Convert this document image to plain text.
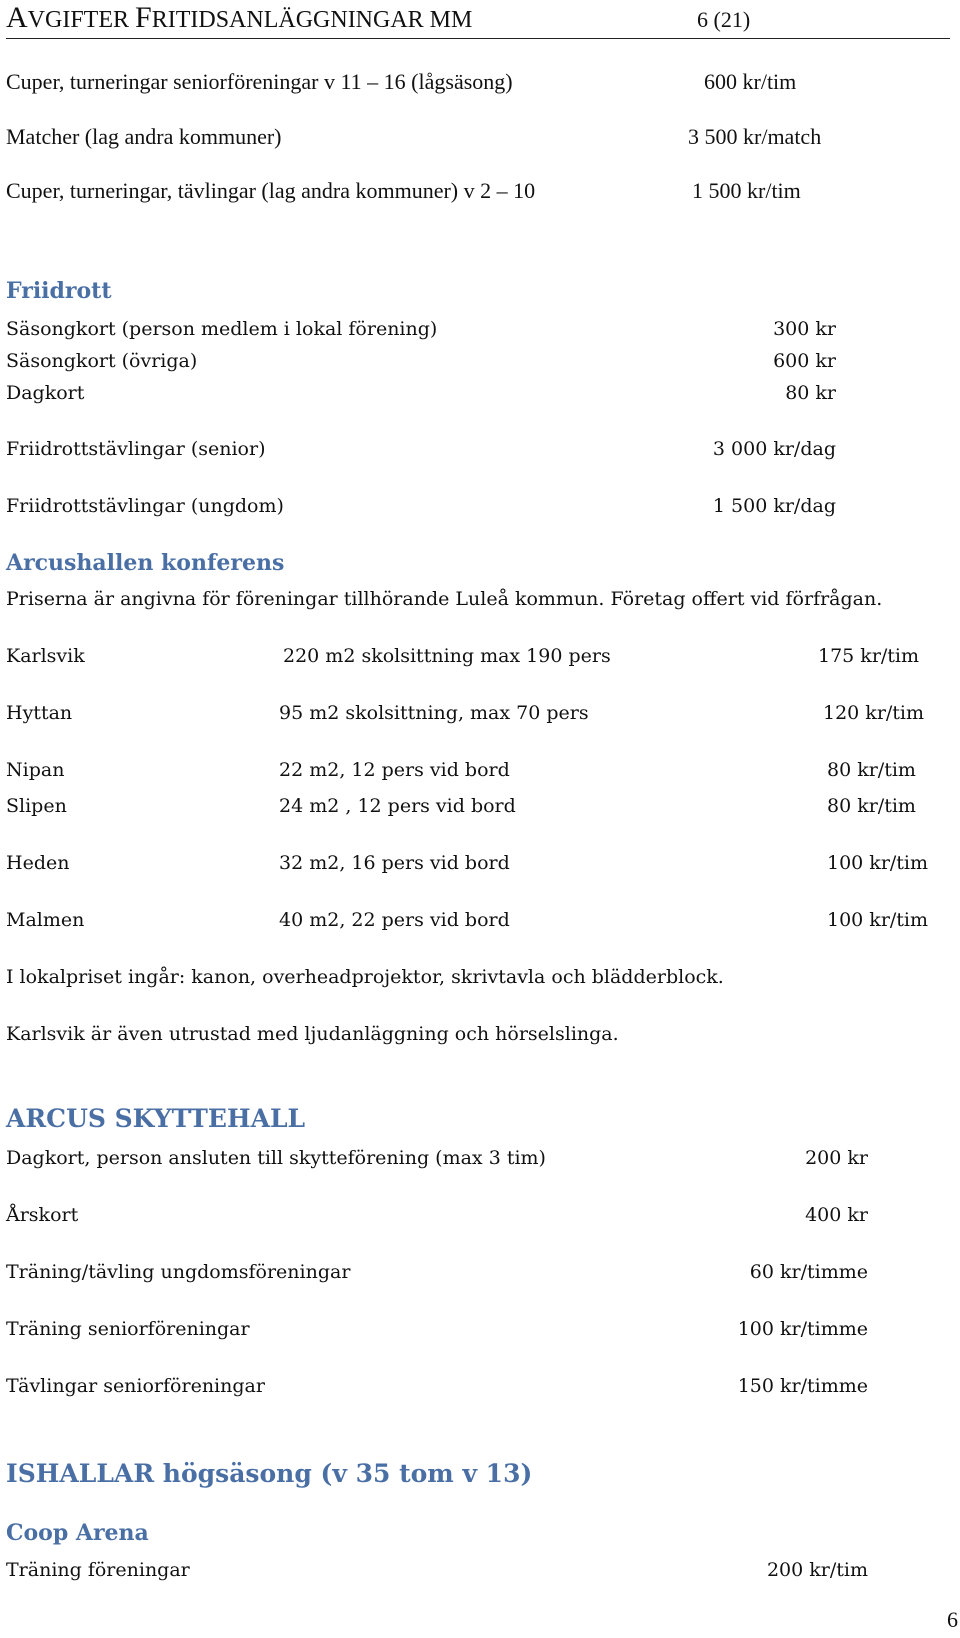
AVGIFTER FRITIDSANLÄGGNINGAR MM	6 (21)
Cuper, turneringar seniorföreningar v 11 – 16 (lågsäsong)	600 kr/tim
Matcher (lag andra kommuner)	3 500 kr/match
Cuper, turneringar, tävlingar (lag andra kommuner) v 2 – 10	1 500 kr/tim
Friidrott
Säsongkort (person medlem i lokal förening)	300 kr
Säsongkort (övriga)	600 kr
Dagkort	80 kr
Friidrottstävlingar (senior)	3 000 kr/dag
Friidrottstävlingar (ungdom)	1 500 kr/dag
Arcushallen konferens
Priserna är angivna för föreningar tillhörande Luleå kommun. Företag offert vid förfrågan.
Karlsvik	220 m2 skolsittning max 190 pers	175 kr/tim
Hyttan	95 m2 skolsittning, max 70 pers	120 kr/tim
Nipan	22 m2, 12 pers vid bord	80 kr/tim
Slipen	24 m2 , 12 pers vid bord	80 kr/tim
Heden	32 m2, 16 pers vid bord	100 kr/tim
Malmen	40 m2, 22 pers vid bord	100 kr/tim
I lokalpriset ingår: kanon, overheadprojektor, skrivtavla och blädderblock.
Karlsvik är även utrustad med ljudanläggning och hörselslinga.
ARCUS SKYTTEHALL
Dagkort, person ansluten till skytteförening (max 3 tim)	200 kr
Årskort	400 kr
Träning/tävling ungdomsföreningar	60 kr/timme
Träning seniorföreningar	100 kr/timme
Tävlingar seniorföreningar	150 kr/timme
ISHALLAR högsäsong (v 35 tom v 13)
Coop Arena
Träning föreningar	200 kr/tim
6
